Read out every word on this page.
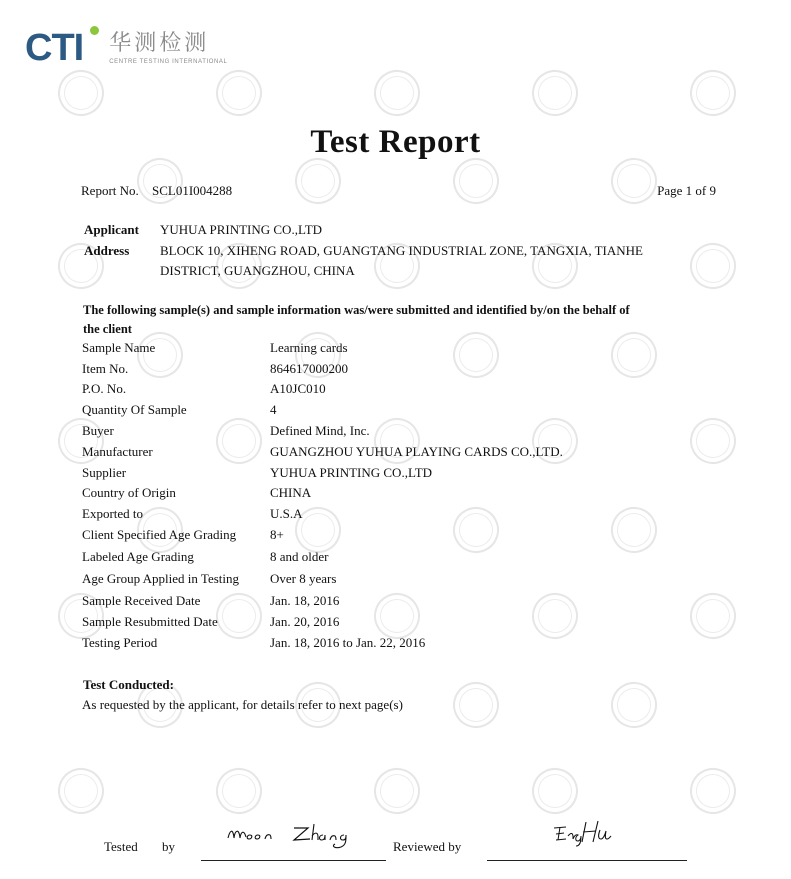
CTI 华测检测
CENTRE TESTING INTERNATIONAL
Test Report
Report No. SCL01I004288	Page 1 of 9
Applicant YUHUA PRINTING CO.,LTD
Address BLOCK 10, XIHENG ROAD, GUANGTANG INDUSTRIAL ZONE, TANGXIA, TIANHE
DISTRICT, GUANGZHOU, CHINA
The following sample(s) and sample information was/were submitted and identified by/on the behalf of
the client
Sample Name	Learning cards
Item No.	864617000200
P.O. No.	A10JC010
Quantity Of Sample	4
Buyer	Defined Mind, Inc.
Manufacturer	GUANGZHOU YUHUA PLAYING CARDS CO.,LTD.
Supplier	YUHUA PRINTING CO.,LTD
Country of Origin	CHINA
Exported to	U.S.A
Client Specified Age Grading	8+
Labeled Age Grading	8 and older
Age Group Applied in Testing Over 8 years
Sample Received Date	Jan. 18, 2016
Sample Resubmitted Date	Jan. 20, 2016
Testing Period	Jan. 18, 2016 to Jan. 22, 2016
Test Conducted:
As requested by the applicant, for details refer to next page(s)
Tested by	Reviewed by
